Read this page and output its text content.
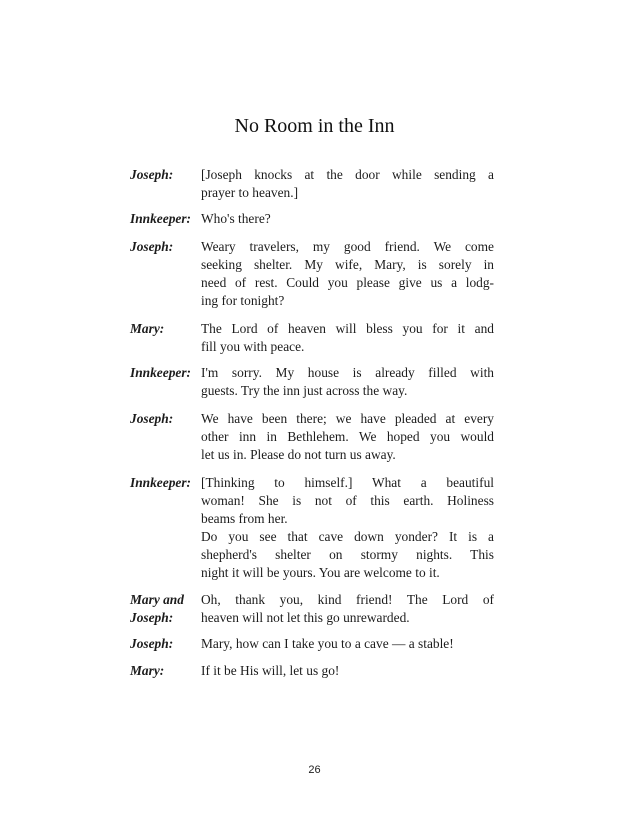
No Room in the Inn
Joseph: [Joseph knocks at the door while sending a
prayer to heaven.]
Innkeeper: Who's there?
Joseph: Weary travelers, my good friend. We come
seeking shelter. My wife, Mary, is sorely in
need of rest. Could you please give us a lodg-
ing for tonight?
Mary:	The Lord of heaven will bless you for it and
fill you with peace.
Innkeeper: I'm sorry. My house is already filled with
guests. Try the inn just across the way.
Joseph: We have been there; we have pleaded at every
other inn in Bethlehem. We hoped you would
let us in. Please do not turn us away.
Innkeeper: [Thinking to himself.] What a beautiful
woman! She is not of this earth. Holiness
beams from her.
Do you see that cave down yonder? It is a
shepherd's shelter on stormy nights. This
night it will be yours. You are welcome to it.
Mary and Oh, thank you, kind friend! The Lord of
Joseph: heaven will not let this go unrewarded.
Joseph: Mary, how can I take you to a cave — a stable!
Mary:	If it be His will, let us go!
26
